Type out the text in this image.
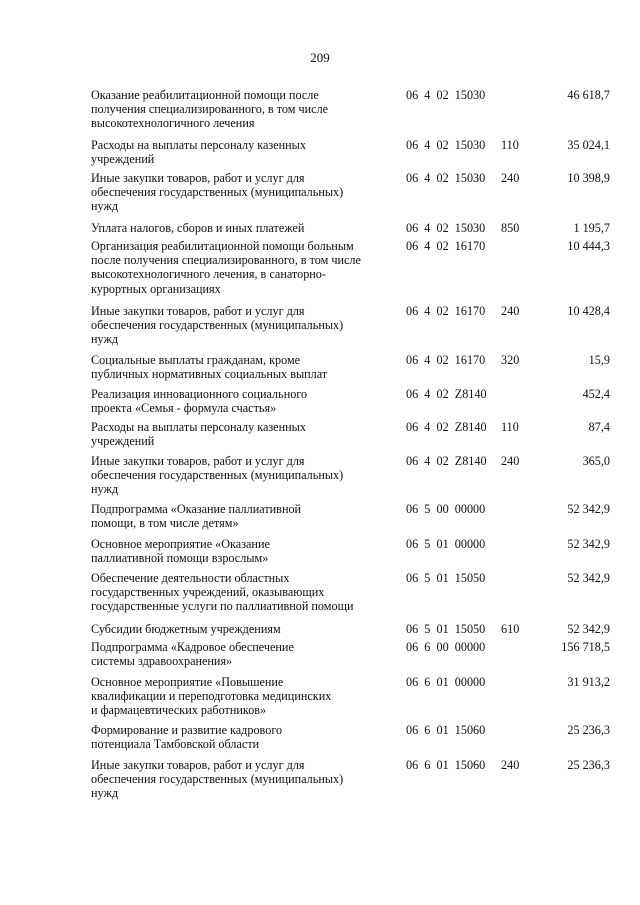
209
Оказание реабилитационной помощи после
получения специализированного, в том числе
высокотехнологичного лечения
06  4  02  15030	46 618,7
Расходы на выплаты персоналу казенных
учреждений
06  4  02  15030 110	35 024,1
Иные закупки товаров, работ и услуг для
обеспечения государственных (муниципальных)
нужд
06  4  02  15030 240	10 398,9
Уплата налогов, сборов и иных платежей	06  4  02  15030 850	1 195,7
Организация реабилитационной помощи больным
после получения специализированного, в том числе
высокотехнологичного лечения, в санаторно-
курортных организациях
06  4  02  16170	10 444,3
Иные закупки товаров, работ и услуг для
обеспечения государственных (муниципальных)
нужд
06  4  02  16170 240	10 428,4
Социальные выплаты гражданам, кроме
публичных нормативных социальных выплат
06  4  02  16170 320	15,9
Реализация инновационного социального
проекта «Семья - формула счастья»
06  4  02  Z8140	452,4
Расходы на выплаты персоналу казенных
учреждений
06  4  02  Z8140 110	87,4
Иные закупки товаров, работ и услуг для
обеспечения государственных (муниципальных)
нужд
06  4  02  Z8140 240	365,0
Подпрограмма «Оказание паллиативной
помощи, в том числе детям»
06  5  00  00000	52 342,9
Основное мероприятие «Оказание
паллиативной помощи взрослым»
06  5  01  00000	52 342,9
Обеспечение деятельности областных
государственных учреждений, оказывающих
государственные услуги по паллиативной помощи
06  5  01  15050	52 342,9
Субсидии бюджетным учреждениям	06  5  01  15050 610	52 342,9
Подпрограмма «Кадровое обеспечение
системы здравоохранения»
06  6  00  00000	156 718,5
Основное мероприятие «Повышение
квалификации и переподготовка медицинских
и фармацевтических работников»
06  6  01  00000	31 913,2
Формирование и развитие кадрового
потенциала Тамбовской области
06  6  01  15060	25 236,3
Иные закупки товаров, работ и услуг для
обеспечения государственных (муниципальных)
нужд
06  6  01  15060 240	25 236,3
